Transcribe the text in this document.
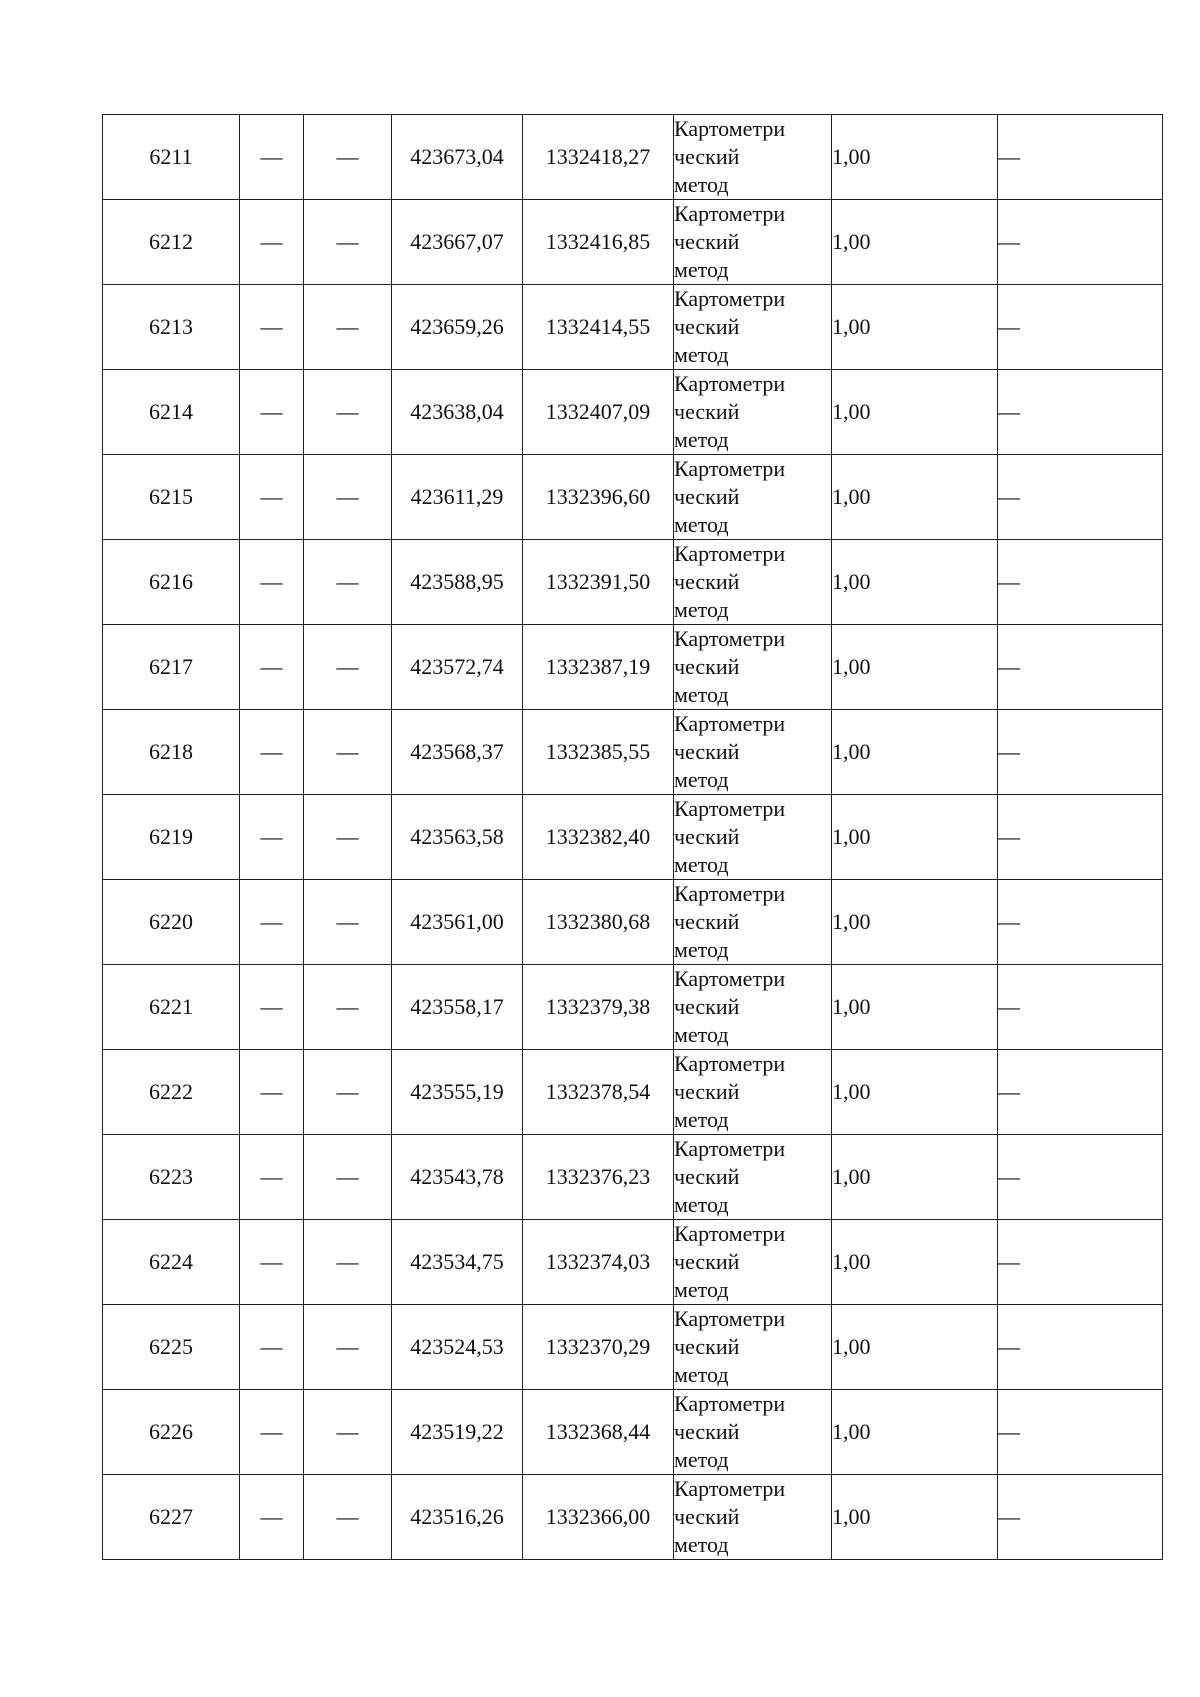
6211	—	—	423673,04	1332418,27	Картометри
ческий
метод	1,00	—
6212	—	—	423667,07	1332416,85	Картометри
ческий
метод	1,00	—
6213	—	—	423659,26	1332414,55	Картометри
ческий
метод	1,00	—
6214	—	—	423638,04	1332407,09	Картометри
ческий
метод	1,00	—
6215	—	—	423611,29	1332396,60	Картометри
ческий
метод	1,00	—
6216	—	—	423588,95	1332391,50	Картометри
ческий
метод	1,00	—
6217	—	—	423572,74	1332387,19	Картометри
ческий
метод	1,00	—
6218	—	—	423568,37	1332385,55	Картометри
ческий
метод	1,00	—
6219	—	—	423563,58	1332382,40	Картометри
ческий
метод	1,00	—
6220	—	—	423561,00	1332380,68	Картометри
ческий
метод	1,00	—
6221	—	—	423558,17	1332379,38	Картометри
ческий
метод	1,00	—
6222	—	—	423555,19	1332378,54	Картометри
ческий
метод	1,00	—
6223	—	—	423543,78	1332376,23	Картометри
ческий
метод	1,00	—
6224	—	—	423534,75	1332374,03	Картометри
ческий
метод	1,00	—
6225	—	—	423524,53	1332370,29	Картометри
ческий
метод	1,00	—
6226	—	—	423519,22	1332368,44	Картометри
ческий
метод	1,00	—
6227	—	—	423516,26	1332366,00	Картометри
ческий
метод	1,00	—
